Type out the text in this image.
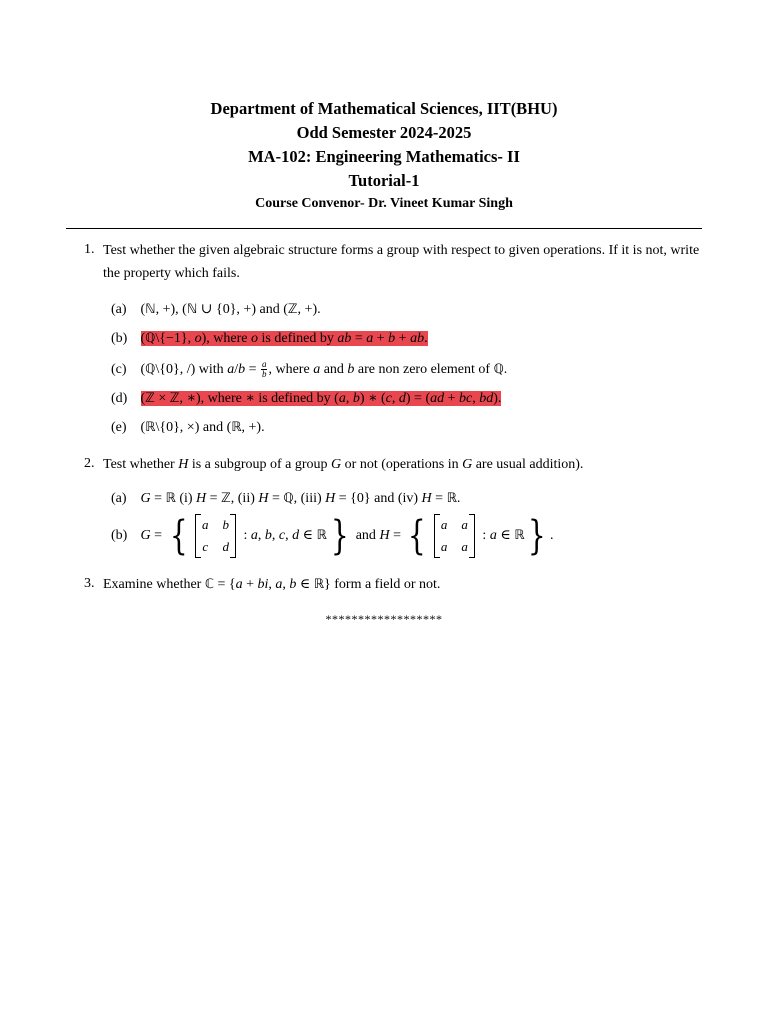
Department of Mathematical Sciences, IIT(BHU)
Odd Semester 2024-2025
MA-102: Engineering Mathematics- II
Tutorial-1
Course Convenor- Dr. Vineet Kumar Singh
1. Test whether the given algebraic structure forms a group with respect to given operations. If it is not, write the property which fails.
(a) (ℕ, +), (ℕ ∪ {0}, +) and (ℤ, +).
(b) (ℚ\{−1}, o), where o is defined by ab = a + b + ab.
(c) (ℚ\{0}, /) with $a/b = \frac{a}{b}$ , where a and b are non zero element of ℚ.
(d) (ℤ × ℤ, ∗), where ∗ is defined by (a, b) ∗ (c, d) = (ad + bc, bd).
(e) (ℝ\{0}, ×) and (ℝ, +).
2. Test whether H is a subgroup of a group G or not (operations in G are usual addition).
(a) G = ℝ (i) H = ℤ, (ii) H = ℚ, (iii) H = {0} and (iv) H = ℝ.
(b) G = { a	b
c	d
: a, b, c, d ∈ ℝ} and H = { a	a
a	a
: a ∈ ℝ} .
3. Examine whether ℂ = {a + bi, a, b ∈ ℝ} form a field or not.
******************
